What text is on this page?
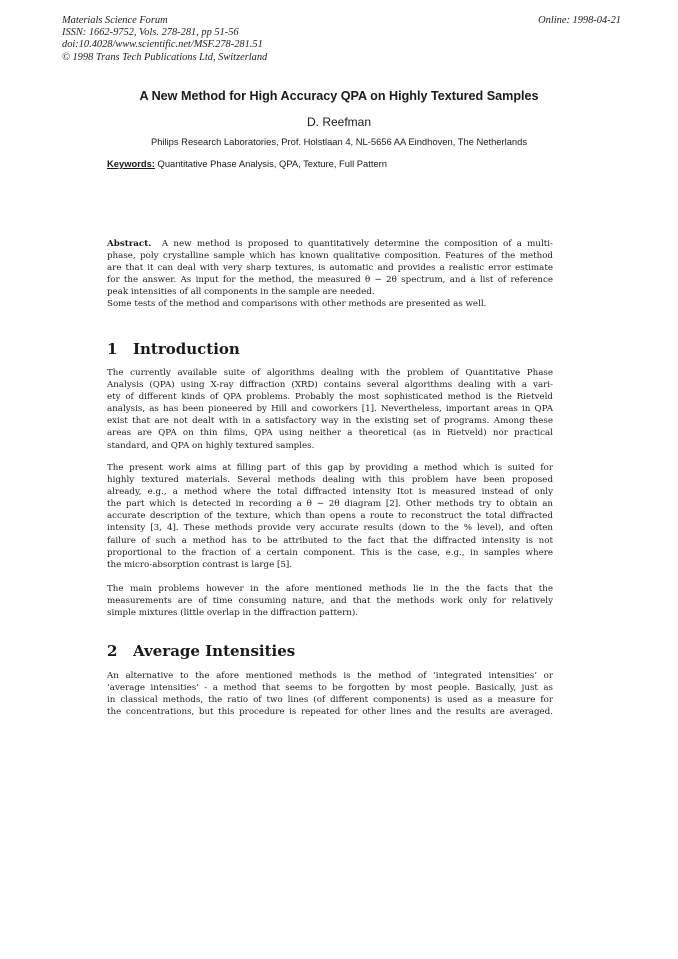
Materials Science Forum
ISSN: 1662-9752, Vols. 278-281, pp 51-56
doi:10.4028/www.scientific.net/MSF.278-281.51
© 1998 Trans Tech Publications Ltd, Switzerland
Online: 1998-04-21
A New Method for High Accuracy QPA on Highly Textured Samples
D. Reefman
Philips Research Laboratories, Prof. Holstlaan 4, NL-5656 AA Eindhoven, The Netherlands
Keywords: Quantitative Phase Analysis, QPA, Texture, Full Pattern
Abstract. A new method is proposed to quantitatively determine the composition of a multi-
phase, poly crystalline sample which has known qualitative composition. Features of the method
are that it can deal with very sharp textures, is automatic and provides a realistic error estimate
for the answer. As input for the method, the measured θ − 2θ spectrum, and a list of reference
peak intensities of all components in the sample are needed.
Some tests of the method and comparisons with other methods are presented as well.
1 Introduction
The currently available suite of algorithms dealing with the problem of Quantitative Phase
Analysis (QPA) using X-ray diffraction (XRD) contains several algorithms dealing with a vari-
ety of different kinds of QPA problems. Probably the most sophisticated method is the Rietveld
analysis, as has been pioneered by Hill and coworkers [1]. Nevertheless, important areas in QPA
exist that are not dealt with in a satisfactory way in the existing set of programs. Among these
areas are QPA on thin films, QPA using neither a theoretical (as in Rietveld) nor practical
standard, and QPA on highly textured samples.
The present work aims at filling part of this gap by providing a method which is suited for
highly textured materials. Several methods dealing with this problem have been proposed
already, e.g., a method where the total diffracted intensity Itot is measured instead of only
the part which is detected in recording a θ − 2θ diagram [2]. Other methods try to obtain an
accurate description of the texture, which than opens a route to reconstruct the total diffracted
intensity [3, 4]. These methods provide very accurate results (down to the % level), and often
failure of such a method has to be attributed to the fact that the diffracted intensity is not
proportional to the fraction of a certain component. This is the case, e.g., in samples where
the micro-absorption contrast is large [5].
The main problems however in the afore mentioned methods lie in the the facts that the
measurements are of time consuming nature, and that the methods work only for relatively
simple mixtures (little overlap in the diffraction pattern).
2 Average Intensities
An alternative to the afore mentioned methods is the method of ‘integrated intensities’ or
‘average intensities’ - a method that seems to be forgotten by most people. Basically, just as
in classical methods, the ratio of two lines (of different components) is used as a measure for
the concentrations, but this procedure is repeated for other lines and the results are averaged.
